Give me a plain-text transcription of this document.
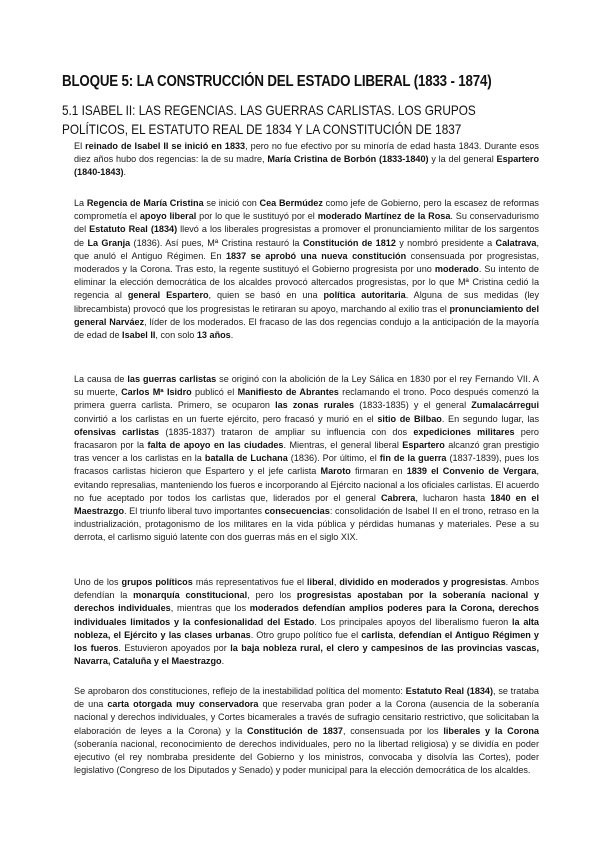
BLOQUE 5: LA CONSTRUCCIÓN DEL ESTADO LIBERAL (1833 - 1874)
5.1 ISABEL II: LAS REGENCIAS. LAS GUERRAS CARLISTAS. LOS GRUPOS POLÍTICOS, EL ESTATUTO REAL DE 1834 Y LA CONSTITUCIÓN DE 1837

El reinado de Isabel II se inició en 1833, pero no fue efectivo por su minoría de edad hasta 1843. Durante esos diez años hubo dos regencias: la de su madre, María Cristina de Borbón (1833-1840) y la del general Espartero (1840-1843).

La Regencia de María Cristina se inició con Cea Bermúdez como jefe de Gobierno, pero la escasez de reformas comprometía el apoyo liberal por lo que le sustituyó por el moderado Martínez de la Rosa. Su conservadurismo del Estatuto Real (1834) llevó a los liberales progresistas a promover el pronunciamiento militar de los sargentos de La Granja (1836). Así pues, Mª Cristina restauró la Constitución de 1812 y nombró presidente a Calatrava, que anuló el Antiguo Régimen. En 1837 se aprobó una nueva constitución consensuada por progresistas, moderados y la Corona. Tras esto, la regente sustituyó el Gobierno progresista por uno moderado. Su intento de eliminar la elección democrática de los alcaldes provocó altercados progresistas, por lo que Mª Cristina cedió la regencia al general Espartero, quien se basó en una política autoritaria. Alguna de sus medidas (ley librecambista) provocó que los progresistas le retiraran su apoyo, marchando al exilio tras el pronunciamiento del general Narváez, líder de los moderados. El fracaso de las dos regencias condujo a la anticipación de la mayoría de edad de Isabel II, con solo 13 años.

La causa de las guerras carlistas se originó con la abolición de la Ley Sálica en 1830 por el rey Fernando VII. A su muerte, Carlos Mª Isidro publicó el Manifiesto de Abrantes reclamando el trono. Poco después comenzó la primera guerra carlista. Primero, se ocuparon las zonas rurales (1833-1835) y el general Zumalacárregui convirtió a los carlistas en un fuerte ejército, pero fracasó y murió en el sitio de Bilbao. En segundo lugar, las ofensivas carlistas (1835-1837) trataron de ampliar su influencia con dos expediciones militares pero fracasaron por la falta de apoyo en las ciudades. Mientras, el general liberal Espartero alcanzó gran prestigio tras vencer a los carlistas en la batalla de Luchana (1836). Por último, el fin de la guerra (1837-1839), pues los fracasos carlistas hicieron que Espartero y el jefe carlista Maroto firmaran en 1839 el Convenio de Vergara, evitando represalias, manteniendo los fueros e incorporando al Ejército nacional a los oficiales carlistas. El acuerdo no fue aceptado por todos los carlistas que, liderados por el general Cabrera, lucharon hasta 1840 en el Maestrazgo. El triunfo liberal tuvo importantes consecuencias: consolidación de Isabel II en el trono, retraso en la industrialización, protagonismo de los militares en la vida pública y pérdidas humanas y materiales. Pese a su derrota, el carlismo siguió latente con dos guerras más en el siglo XIX.

Uno de los grupos políticos más representativos fue el liberal, dividido en moderados y progresistas. Ambos defendían la monarquía constitucional, pero los progresistas apostaban por la soberanía nacional y derechos individuales, mientras que los moderados defendían amplios poderes para la Corona, derechos individuales limitados y la confesionalidad del Estado. Los principales apoyos del liberalismo fueron la alta nobleza, el Ejército y las clases urbanas. Otro grupo político fue el carlista, defendían el Antiguo Régimen y los fueros. Estuvieron apoyados por la baja nobleza rural, el clero y campesinos de las provincias vascas, Navarra, Cataluña y el Maestrazgo.

Se aprobaron dos constituciones, reflejo de la inestabilidad política del momento: Estatuto Real (1834), se trataba de una carta otorgada muy conservadora que reservaba gran poder a la Corona (ausencia de la soberanía nacional y derechos individuales, y Cortes bicamerales a través de sufragio censitario restrictivo, que solicitaban la elaboración de leyes a la Corona) y la Constitución de 1837, consensuada por los liberales y la Corona (soberanía nacional, reconocimiento de derechos individuales, pero no la libertad religiosa) y se dividía en poder ejecutivo (el rey nombraba presidente del Gobierno y los ministros, convocaba y disolvía las Cortes), poder legislativo (Congreso de los Diputados y Senado) y poder municipal para la elección democrática de los alcaldes.
